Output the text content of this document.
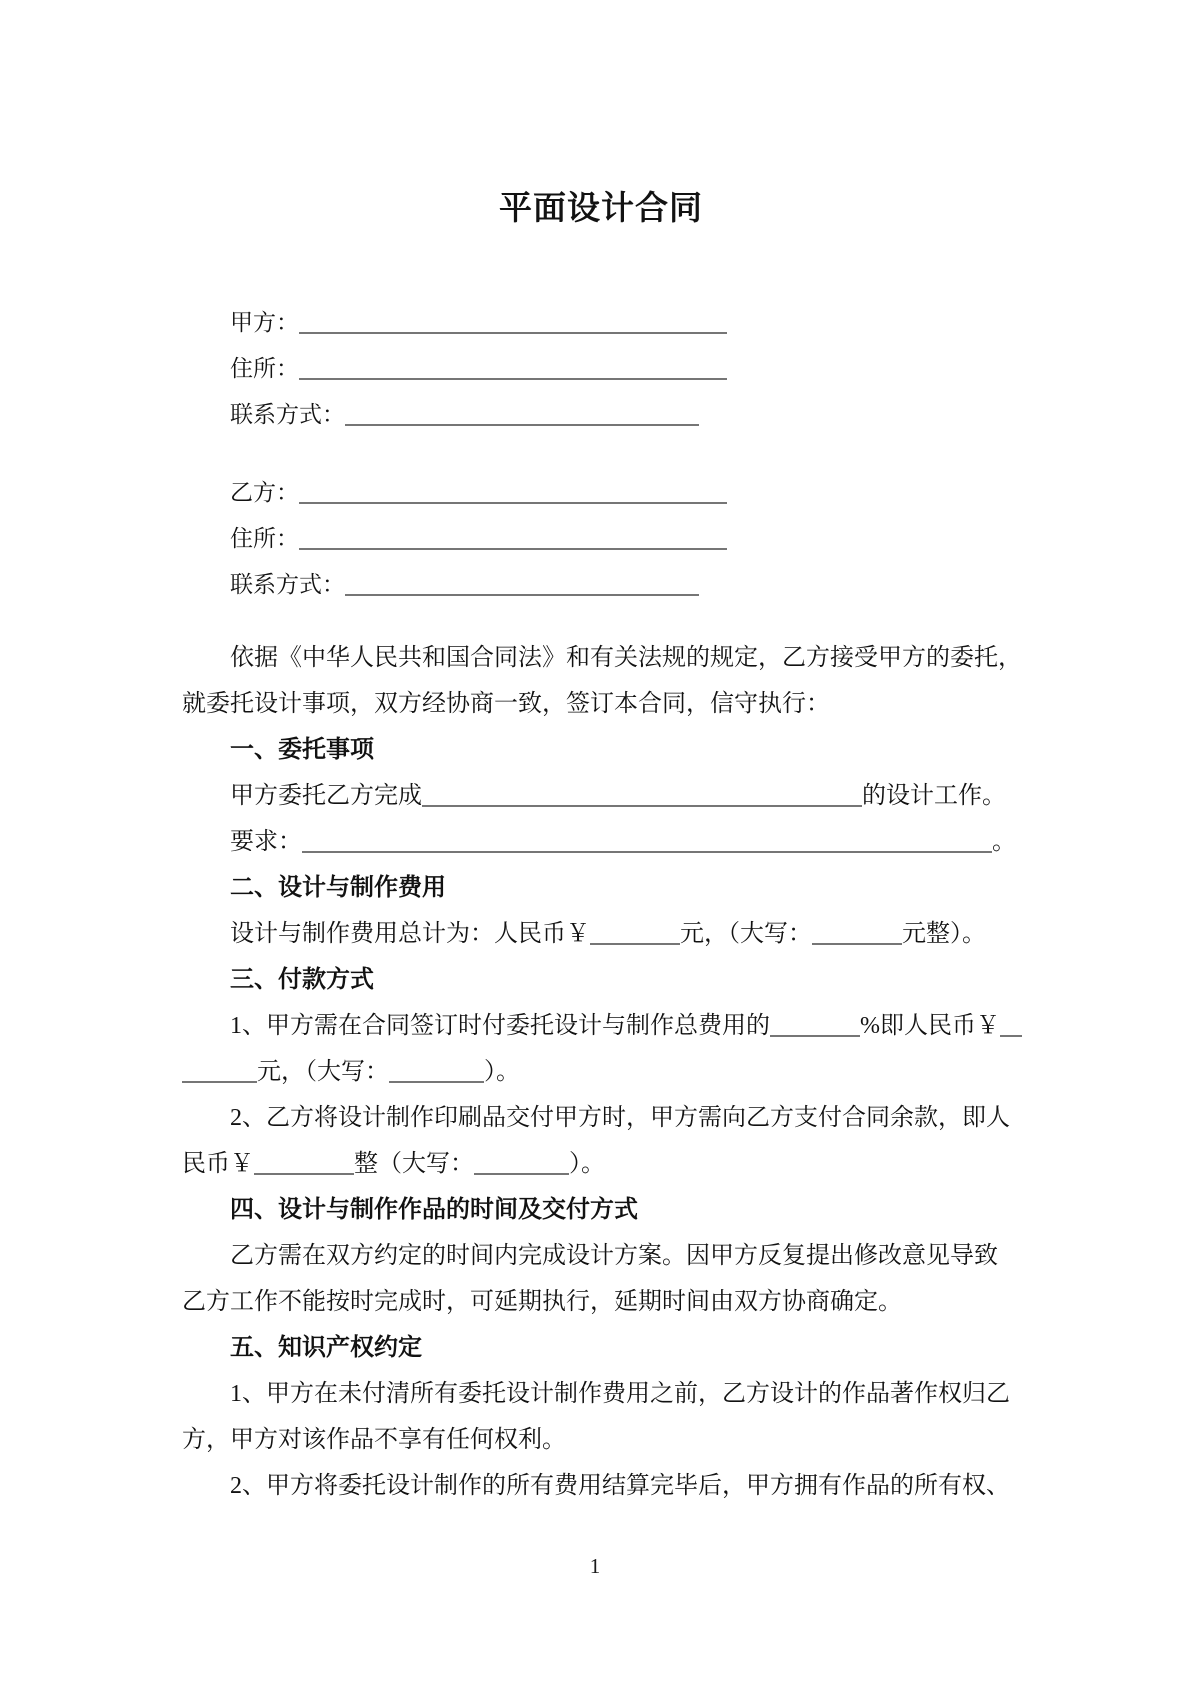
平面设计合同
甲方：
住所：
联系方式：
乙方：
住所：
联系方式：
依据《中华人民共和国合同法》和有关法规的规定，乙方接受甲方的委托，
就委托设计事项，双方经协商一致，签订本合同，信守执行：
一、委托事项
甲方委托乙方完成	的设计工作。
要求：	。
二、设计与制作费用
设计与制作费用总计为：人民币￥	元，（大写：	元整）。
三、付款方式
1、甲方需在合同签订时付委托设计与制作总费用的	%即人民币￥
元，（大写：	）。
2、乙方将设计制作印刷品交付甲方时，甲方需向乙方支付合同余款，即人
民币￥	整（大写：	）。
四、设计与制作作品的时间及交付方式
乙方需在双方约定的时间内完成设计方案。因甲方反复提出修改意见导致
乙方工作不能按时完成时，可延期执行，延期时间由双方协商确定。
五、知识产权约定
1、甲方在未付清所有委托设计制作费用之前，乙方设计的作品著作权归乙
方，甲方对该作品不享有任何权利。
2、甲方将委托设计制作的所有费用结算完毕后，甲方拥有作品的所有权、
1
